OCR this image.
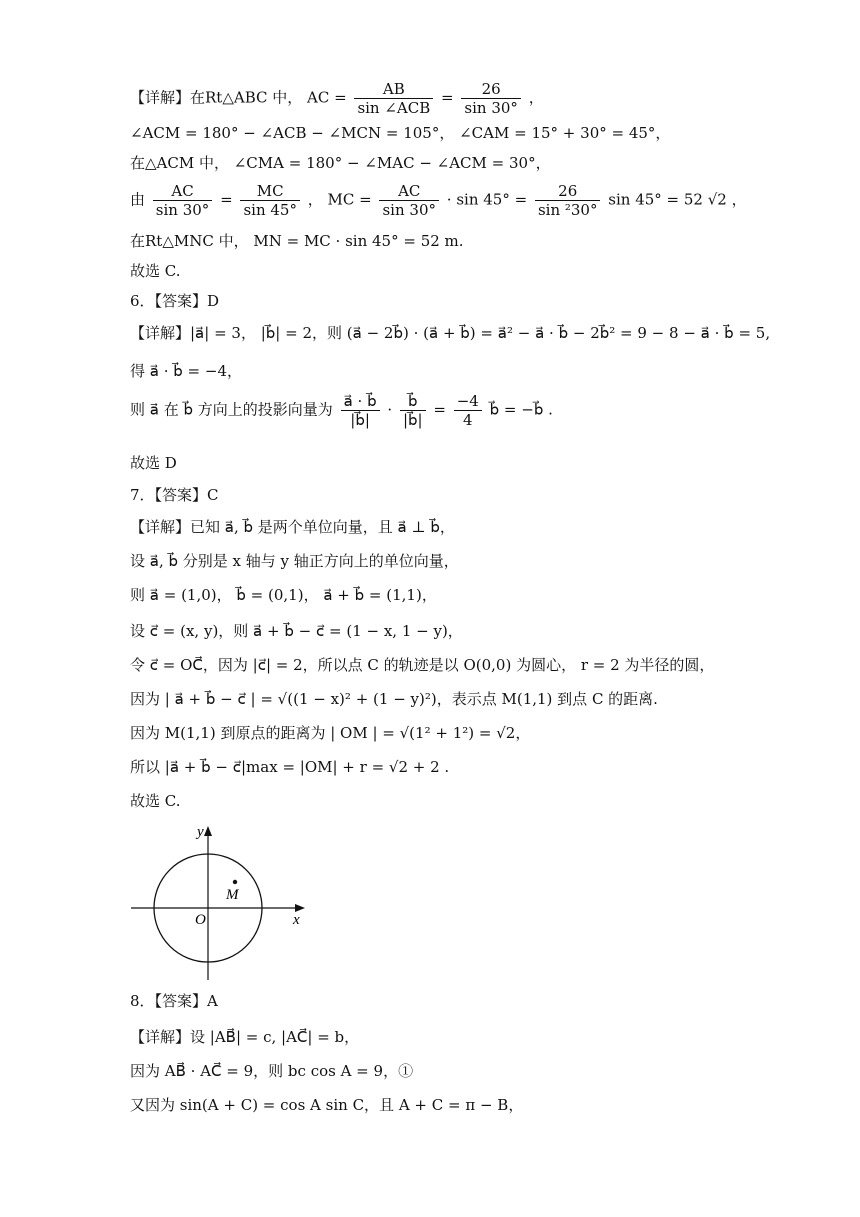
【详解】在Rt△ABC 中， AC = $\frac{AB}{\text{sin ∠ACB}} = \frac{26}{\sin 30^\circ}$ ，
∠ACM = 180° − ∠ACB − ∠MCN = 105°， ∠CAM = 15° + 30° = 45°，
在△ACM 中， ∠CMA = 180° − ∠MAC − ∠ACM = 30°，
由 $\frac{AC}{\sin 30^\circ} = \frac{MC}{\sin 45^\circ}$ ， MC = $\frac{AC}{\sin 30^\circ} \cdot \sin 45^\circ = \frac{26}{\text{sin ²30°}}$ sin 45° = 52 √2 ，
在Rt△MNC 中， MN = MC · sin 45° = 52 m.
故选 C.
6．【答案】D
【详解】|a⃗| = 3， |b⃗| = 2，则 (a⃗ − 2b⃗) · (a⃗ + b⃗) = a⃗² − a⃗ · b⃗ − 2b⃗² = 9 − 8 − a⃗ · b⃗ = 5,
得 a⃗ · b⃗ = −4，
则 a⃗ 在 b⃗ 方向上的投影向量为 $\frac{a⃗ \cdot b⃗}{|b⃗|} \cdot \frac{b⃗}{|b⃗|} = \frac{-4}{4}$ b⃗ = −b⃗ .
故选 D
7．【答案】C
【详解】已知 a⃗, b⃗ 是两个单位向量，且 a⃗ ⊥ b⃗，
设 a⃗, b⃗ 分别是 x 轴与 y 轴正方向上的单位向量，
则 a⃗ = (1,0)， b⃗ = (0,1)， a⃗ + b⃗ = (1,1)，
设 c⃗ = (x, y)，则 a⃗ + b⃗ − c⃗ = (1 − x, 1 − y)，
令 c⃗ = OC⃗，因为 |c⃗| = 2，所以点 C 的轨迹是以 O(0,0) 为圆心， r = 2 为半径的圆，
因为 | a⃗ + b⃗ − c⃗ | = √((1 − x)² + (1 − y)²)，表示点 M(1,1) 到点 C 的距离.
因为 M(1,1) 到原点的距离为 | OM | = √(1² + 1²) = √2，
所以 |a⃗ + b⃗ − c⃗|max = |OM| + r = √2 + 2 .
故选 C.
M
O	x
y
8．【答案】A
【详解】设 |AB⃗| = c, |AC⃗| = b，
因为 AB⃗ · AC⃗ = 9，则 bc cos A = 9，①
又因为 sin(A + C) = cos A sin C，且 A + C = π − B，
